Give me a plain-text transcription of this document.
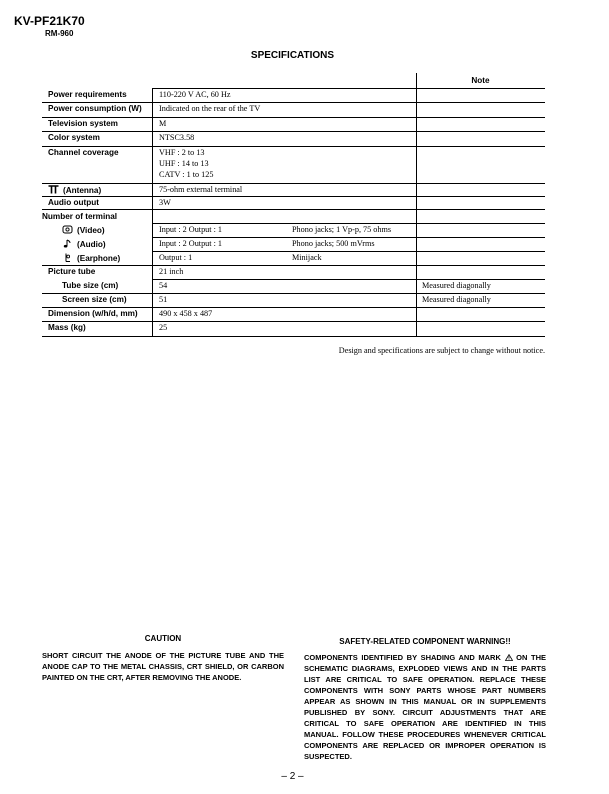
KV-PF21K70
RM-960
SPECIFICATIONS
Note
Power requirements	110-220 V AC, 60 Hz
Power consumption (W) Indicated on the rear of the TV
Television system	M
Color system	NTSC3.58
Channel coverage	VHF : 2 to 13
UHF : 14 to 13
CATV : 1 to 125
(Antenna)	75-ohm external terminal
Audio output	3W
Number of terminal
(Video)	Input : 2 Output : 1	Phono jacks; 1 Vp-p, 75 ohms
(Audio)	Input : 2 Output : 1	Phono jacks; 500 mVrms
(Earphone)	Output : 1	Minijack
Picture tube	21 inch
Tube size (cm)	54	Measured diagonally
Screen size (cm)	51	Measured diagonally
Dimension (w/h/d, mm)	490 x 458 x 487
Mass (kg)	25
Design and specifications are subject to change without notice.
CAUTION
SHORT CIRCUIT THE ANODE OF THE PICTURE TUBE AND THE ANODE CAP TO THE METAL CHASSIS, CRT SHIELD, OR CARBON PAINTED ON THE CRT, AFTER REMOVING THE ANODE.
SAFETY-RELATED COMPONENT WARNING!!
COMPONENTS IDENTIFIED BY SHADING AND MARK  ON THE SCHEMATIC DIAGRAMS, EXPLODED VIEWS AND IN THE PARTS LIST ARE CRITICAL TO SAFE OPERATION. REPLACE THESE COMPONENTS WITH SONY PARTS WHOSE PART NUMBERS APPEAR AS SHOWN IN THIS MANUAL OR IN SUPPLEMENTS PUBLISHED BY SONY. CIRCUIT ADJUSTMENTS THAT ARE CRITICAL TO SAFE OPERATION ARE IDENTIFIED IN THIS MANUAL. FOLLOW THESE PROCEDURES WHENEVER CRITICAL COMPONENTS ARE REPLACED OR IMPROPER OPERATION IS SUSPECTED.
– 2 –
